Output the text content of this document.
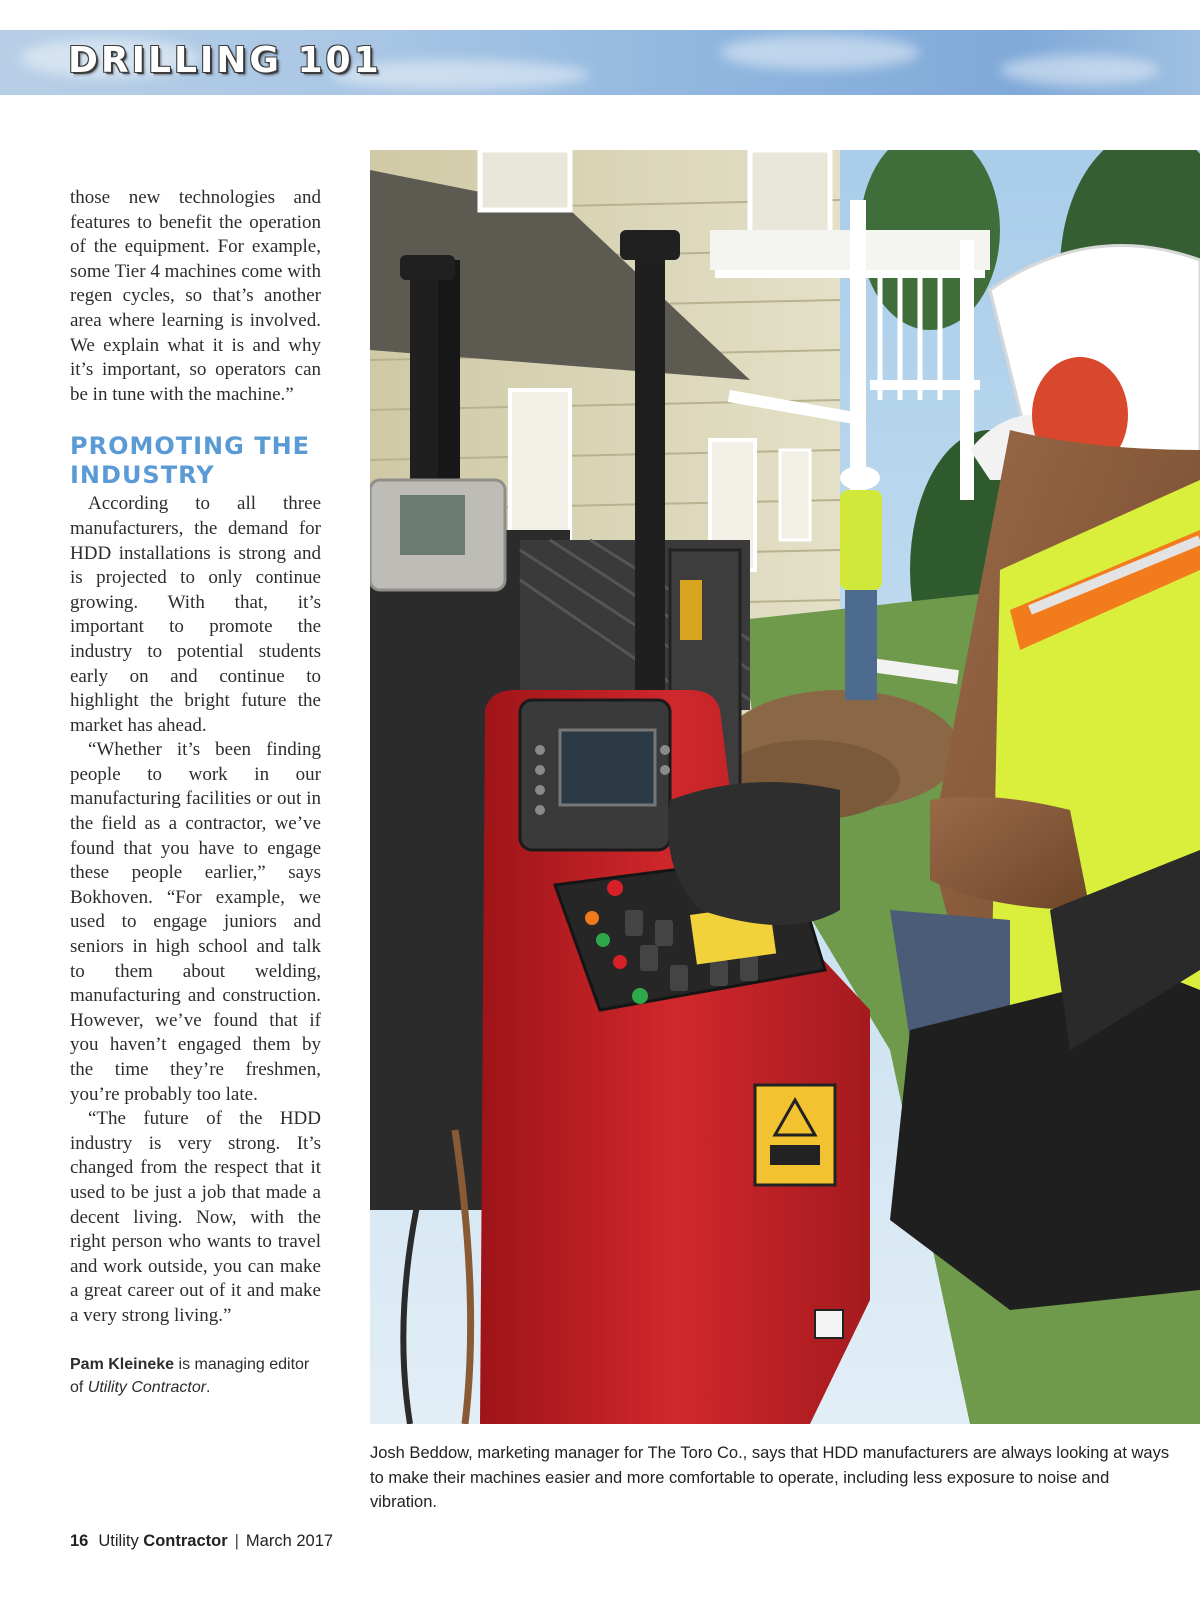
DRILLING 101

those new technologies and features to benefit the operation of the equipment. For example, some Tier 4 machines come with regen cycles, so that’s another area where learning is involved. We explain what it is and why it’s important, so operators can be in tune with the machine.”

PROMOTING THE INDUSTRY

According to all three manufacturers, the demand for HDD installations is strong and is projected to only continue growing. With that, it’s important to promote the industry to potential students early on and continue to highlight the bright future the market has ahead.

“Whether it’s been finding people to work in our manufacturing facilities or out in the field as a contractor, we’ve found that you have to engage these people earlier,” says Bokhoven. “For example, we used to engage juniors and seniors in high school and talk to them about welding, manufacturing and construction. However, we’ve found that if you haven’t engaged them by the time they’re freshmen, you’re probably too late.

“The future of the HDD industry is very strong. It’s changed from the respect that it used to be just a job that made a decent living. Now, with the right person who wants to travel and work outside, you can make a great career out of it and make a very strong living.”

Pam Kleineke is managing editor of Utility Contractor.

Josh Beddow, marketing manager for The Toro Co., says that HDD manufacturers are always looking at ways to make their machines easier and more comfortable to operate, including less exposure to noise and vibration.
16 Utility Contractor | March 2017
